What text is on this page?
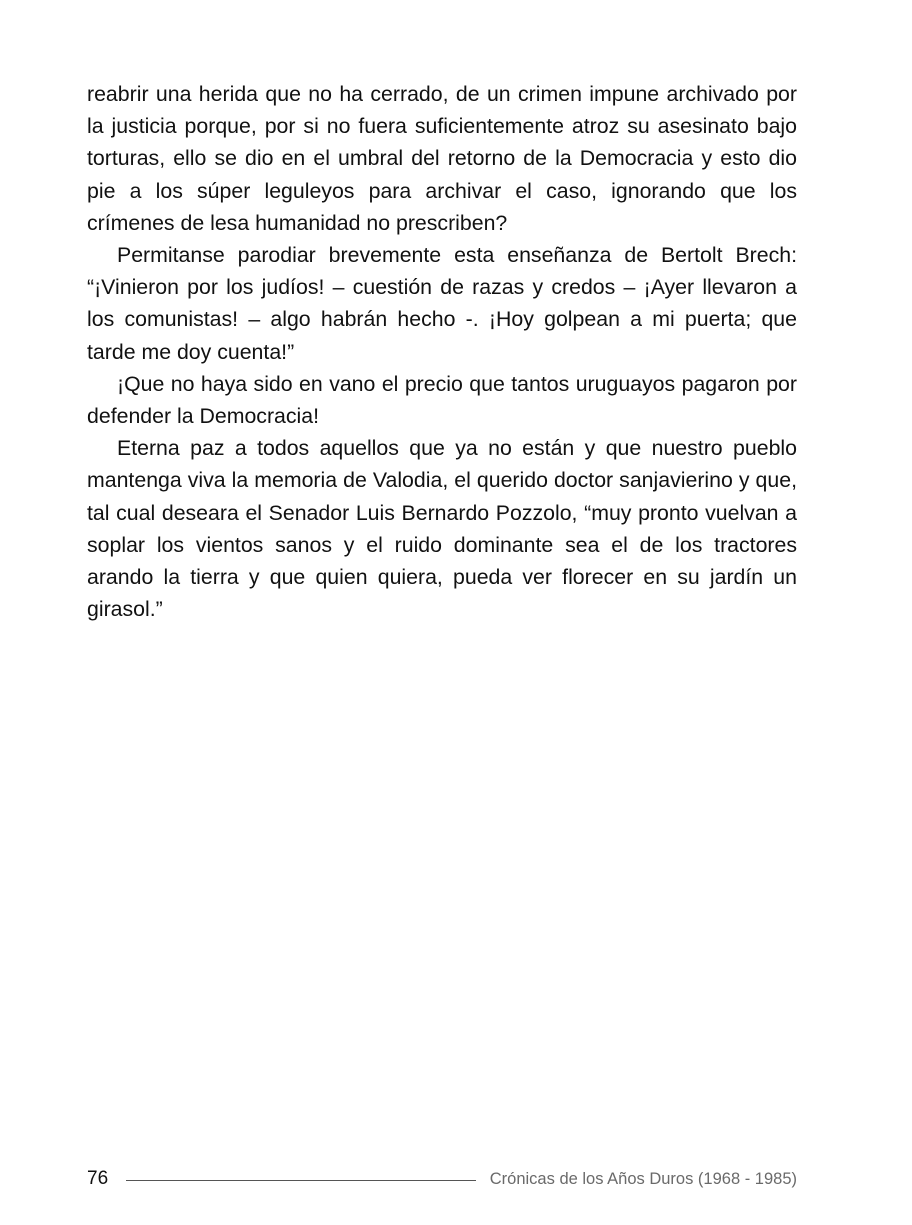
reabrir una herida que no ha cerrado, de un crimen impune archivado por la justicia porque, por si no fuera suficientemente atroz su asesinato bajo torturas, ello se dio en el umbral del retorno de la Democracia y esto dio pie a los súper leguleyos para archivar el caso, ignorando que los crímenes de lesa humanidad no prescriben?

Permitanse parodiar brevemente esta enseñanza de Bertolt Brech: “¡Vinieron por los judíos! – cuestión de razas y credos – ¡Ayer llevaron a los comunistas! – algo habrán hecho -. ¡Hoy golpean a mi puerta; que tarde me doy cuenta!”

¡Que no haya sido en vano el precio que tantos uruguayos pagaron por defender la Democracia!

Eterna paz a todos aquellos que ya no están y que nuestro pueblo mantenga viva la memoria de Valodia, el querido doctor sanjavierino y que, tal cual deseara el Senador Luis Bernardo Pozzolo, “muy pronto vuelvan a soplar los vientos sanos y el ruido dominante sea el de los tractores arando la tierra y que quien quiera, pueda ver florecer en su jardín un girasol.”

76	Crónicas de los Años Duros (1968 - 1985)
